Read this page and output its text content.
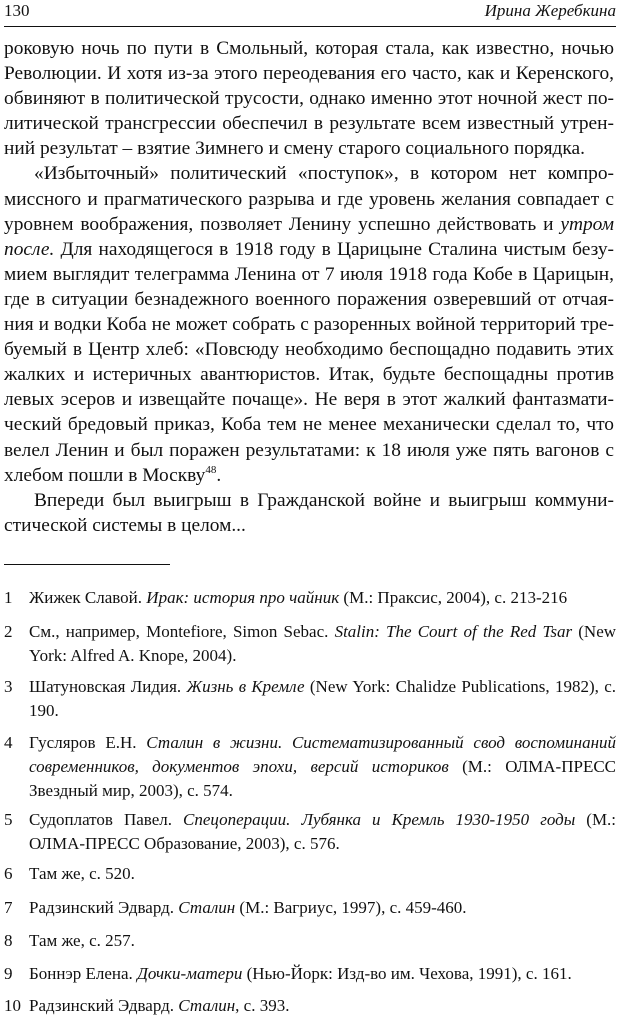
130	Ирина Жеребкина

роковую ночь по пути в Смольный, которая стала, как известно, ночью

Революции. И хотя из-за этого переодевания его часто, как и Керенского,

обвиняют в политической трусости, однако именно этот ночной жест по-

литической трансгрессии обеспечил в результате всем известный утрен-

ний результат – взятие Зимнего и смену старого социального порядка.

«Избыточный» политический «поступок», в котором нет компро-

миссного и прагматического разрыва и где уровень желания совпадает с

уровнем воображения, позволяет Ленину успешно действовать и утром

после. Для находящегося в 1918 году в Царицыне Сталина чистым безу-

мием выглядит телеграмма Ленина от 7 июля 1918 года Кобе в Царицын,

где в ситуации безнадежного военного поражения озверевший от отчая-

ния и водки Коба не может собрать с разоренных войной территорий тре-

буемый в Центр хлеб: «Повсюду необходимо беспощадно подавить этих

жалких и истеричных авантюристов. Итак, будьте беспощадны против

левых эсеров и извещайте почаще». Не веря в этот жалкий фантазмати-

ческий бредовый приказ, Коба тем не менее механически сделал то, что

велел Ленин и был поражен результатами: к 18 июля уже пять вагонов с

хлебом пошли в Москву$^{48}$.

Впереди был выигрыш в Гражданской войне и выигрыш коммуни-

стической системы в целом...

1 Жижек Славой. Ирак: история про чайник (М.: Праксис, 2004), с. 213-216
2 См., например, Montefiore, Simon Sebac. Stalin: The Court of the Red Tsar (New York: Alfred A. Knope, 2004).
3 Шатуновская Лидия. Жизнь в Кремле (New York: Chalidze Publications, 1982), с. 190.
4 Гусляров Е.Н. Сталин в жизни. Систематизированный свод воспоминаний современников, документов эпохи, версий историков (М.: ОЛМА-ПРЕСС Звездный мир, 2003), с. 574.
5 Судоплатов Павел. Спецоперации. Лубянка и Кремль 1930-1950 годы (М.: ОЛМА-ПРЕСС Образование, 2003), с. 576.
6 Там же, с. 520.
7 Радзинский Эдвард. Сталин (М.: Вагриус, 1997), с. 459-460.
8 Там же, с. 257.
9 Боннэр Елена. Дочки-матери (Нью-Йорк: Изд-во им. Чехова, 1991), с. 161.
10 Радзинский Эдвард. Сталин, с. 393.
